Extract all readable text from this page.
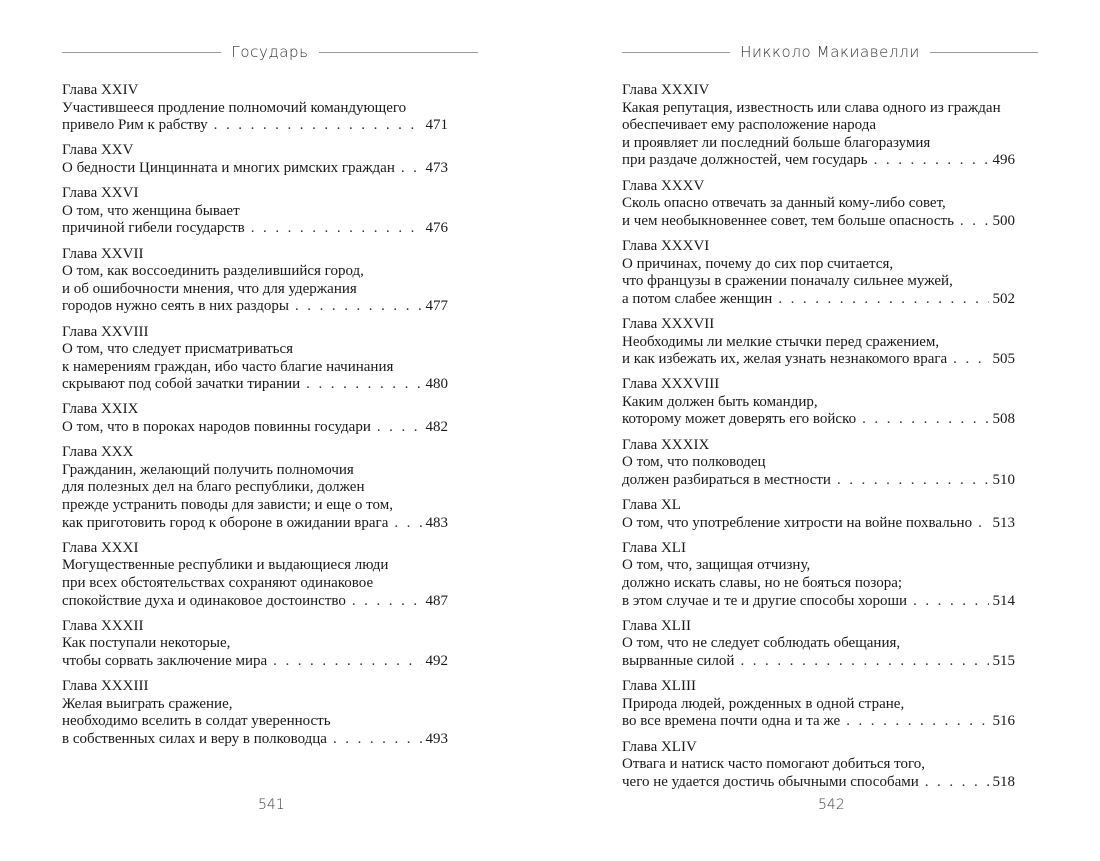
Государь
Глава XXIV
Участившееся продление полномочий командующего
привело Рим к рабству . . .	471
Глава XXV
О бедности Цинцинната и многих римских граждан . . . 473
Глава XXVI
О том, что женщина бывает
причиной гибели государств . . .	476
Глава XXVII
О том, как воссоединить разделившийся город,
и об ошибочности мнения, что для удержания
городов нужно сеять в них раздоры . . .	477
Глава XXVIII
О том, что следует присматриваться
к намерениям граждан, ибо часто благие начинания
скрывают под собой зачатки тирании . . .	480
Глава XXIX
О том, что в пороках народов повинны государи . . .	482
Глава XXX
Гражданин, желающий получить полномочия
для полезных дел на благо республики, должен
прежде устранить поводы для зависти; и еще о том,
как приготовить город к обороне в ожидании врага . . . 483
Глава XXXI
Могущественные республики и выдающиеся люди
при всех обстоятельствах сохраняют одинаковое
спокойствие духа и одинаковое достоинство . . .	487
Глава XXXII
Как поступали некоторые,
чтобы сорвать заключение мира . . .	492
Глава XXXIII
Желая выиграть сражение,
необходимо вселить в солдат уверенность
в собственных силах и веру в полководца . . .	493
541
Никколо Макиавелли
Глава XXXIV
Какая репутация, известность или слава одного из граждан
обеспечивает ему расположение народа
и проявляет ли последний больше благоразумия
при раздаче должностей, чем государь . . .	496
Глава XXXV
Сколь опасно отвечать за данный кому-либо совет,
и чем необыкновеннее совет, тем больше опасность . . .	500
Глава XXXVI
О причинах, почему до сих пор считается,
что французы в сражении поначалу сильнее мужей,
а потом слабее женщин . . .	502
Глава XXXVII
Необходимы ли мелкие стычки перед сражением,
и как избежать их, желая узнать незнакомого врага . . .	505
Глава XXXVIII
Каким должен быть командир,
которому может доверять его войско . . .	508
Глава XXXIX
О том, что полководец
должен разбираться в местности . . .	510
Глава XL
О том, что употребление хитрости на войне похвально . . . 513
Глава XLI
О том, что, защищая отчизну,
должно искать славы, но не бояться позора;
в этом случае и те и другие способы хороши . . .	514
Глава XLII
О том, что не следует соблюдать обещания,
вырванные силой . . .	515
Глава XLIII
Природа людей, рожденных в одной стране,
во все времена почти одна и та же . . .	516
Глава XLIV
Отвага и натиск часто помогают добиться того,
чего не удается достичь обычными способами . . .	518
542
